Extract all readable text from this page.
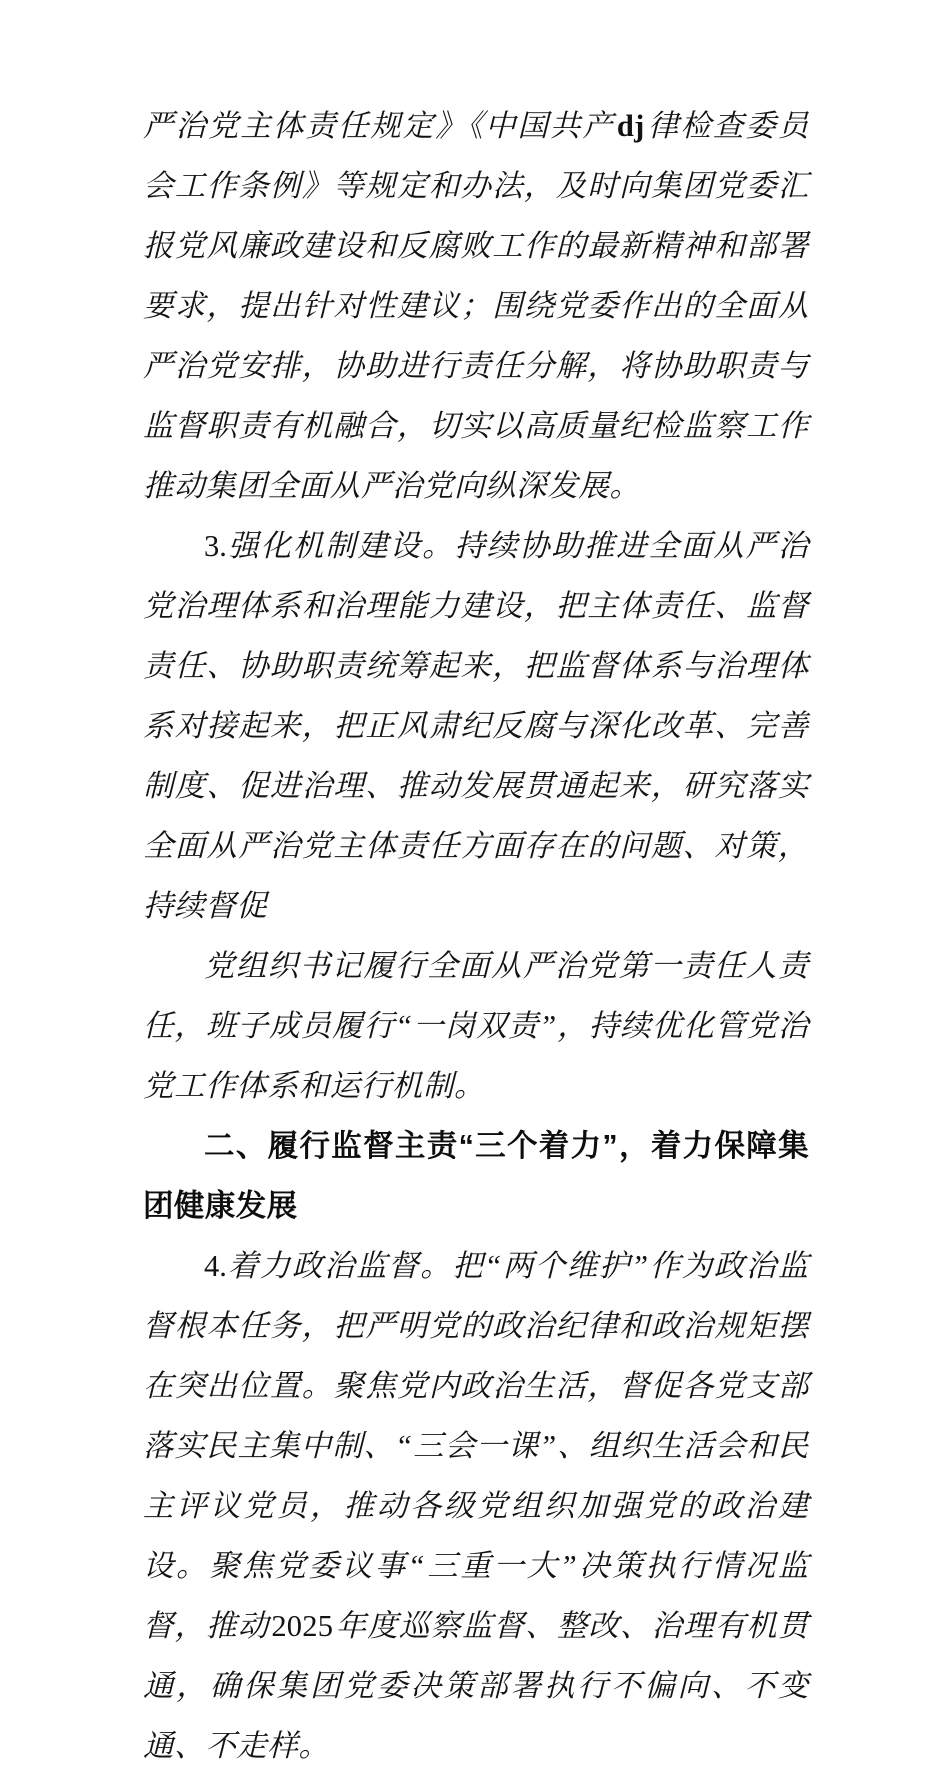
严治党主体责任规定》《中国共产dj律检查委员会工作条例》等规定和办法，及时向集团党委汇报党风廉政建设和反腐败工作的最新精神和部署要求，提出针对性建议；围绕党委作出的全面从严治党安排，协助进行责任分解，将协助职责与监督职责有机融合，切实以高质量纪检监察工作推动集团全面从严治党向纵深发展。

3.强化机制建设。持续协助推进全面从严治党治理体系和治理能力建设，把主体责任、监督责任、协助职责统筹起来，把监督体系与治理体系对接起来，把正风肃纪反腐与深化改革、完善制度、促进治理、推动发展贯通起来，研究落实全面从严治党主体责任方面存在的问题、对策，持续督促

党组织书记履行全面从严治党第一责任人责任，班子成员履行“一岗双责”，持续优化管党治党工作体系和运行机制。

二、履行监督主责“三个着力”，着力保障集团健康发展

4.着力政治监督。把“两个维护”作为政治监督根本任务，把严明党的政治纪律和政治规矩摆在突出位置。聚焦党内政治生活，督促各党支部落实民主集中制、“三会一课”、组织生活会和民主评议党员，推动各级党组织加强党的政治建设。聚焦党委议事“三重一大”决策执行情况监督，推动2025年度巡察监督、整改、治理有机贯通，确保集团党委决策部署执行不偏向、不变通、不走样。
